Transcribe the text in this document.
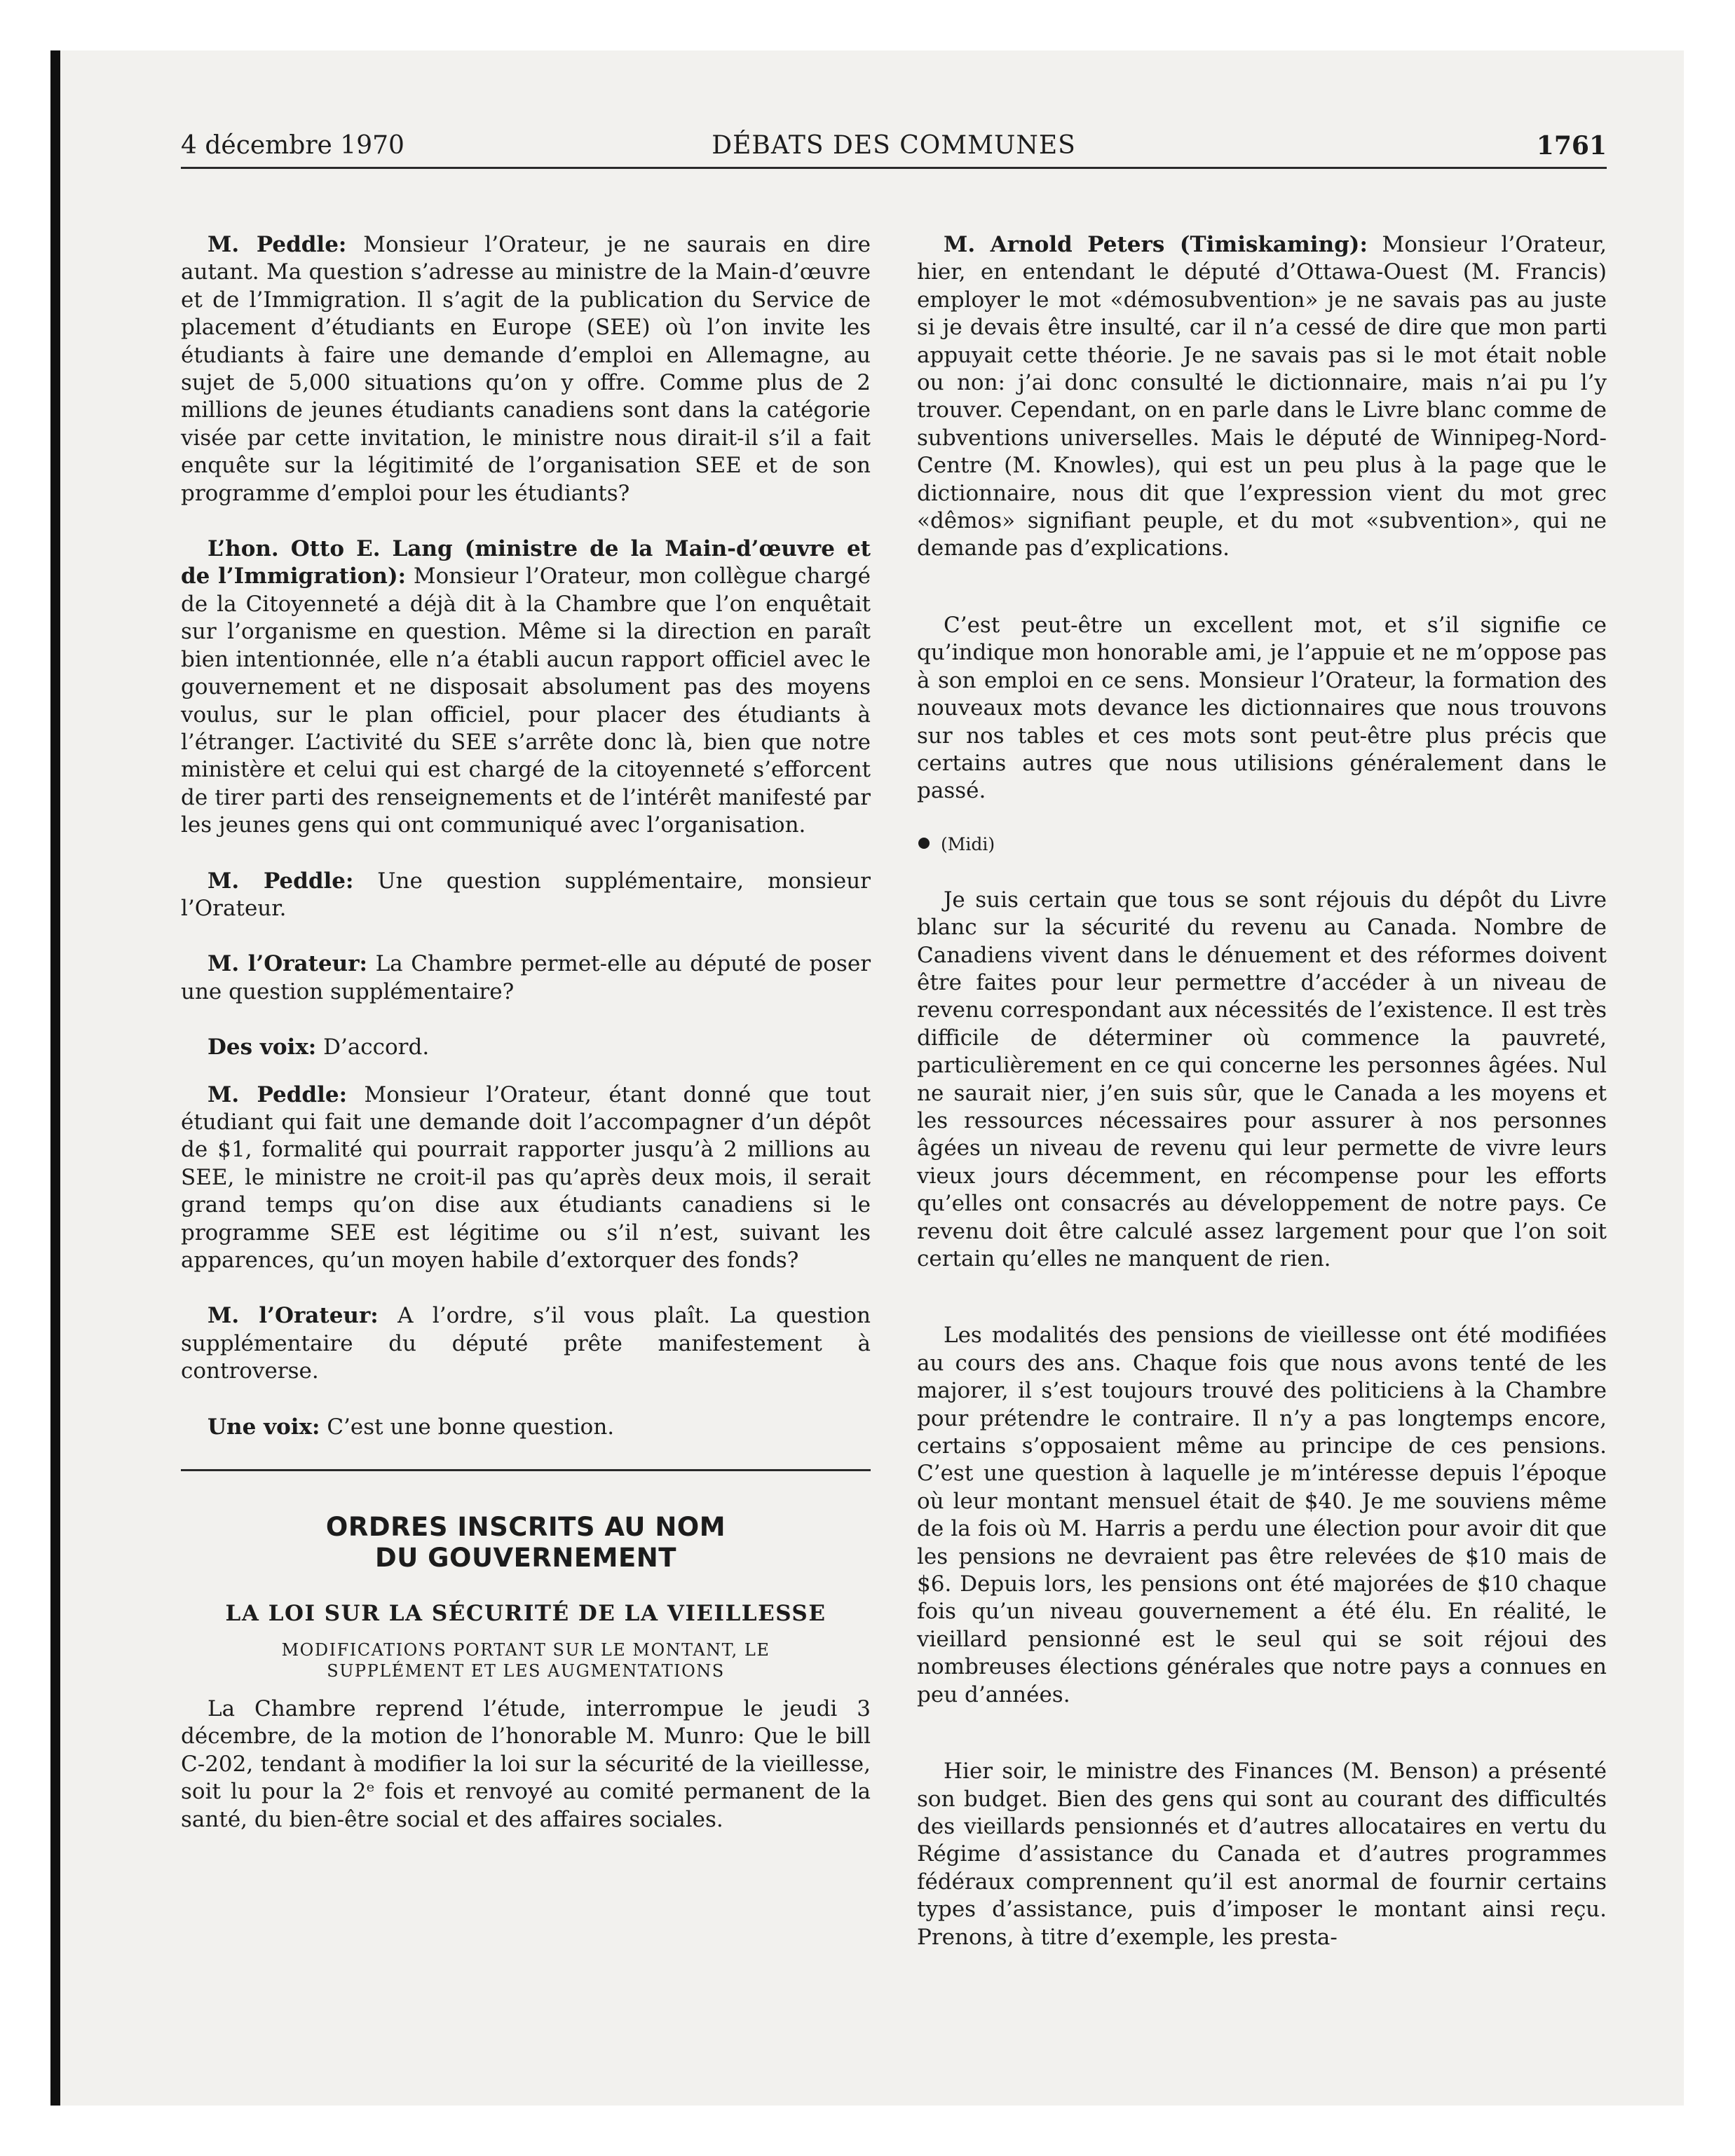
4 décembre 1970	DÉBATS DES COMMUNES	1761

M. Peddle: Monsieur l’Orateur, je ne saurais en dire autant. Ma question s’adresse au ministre de la Main-d’œuvre et de l’Immigration. Il s’agit de la publication du Service de placement d’étudiants en Europe (SEE) où l’on invite les étudiants à faire une demande d’emploi en Allemagne, au sujet de 5,000 situations qu’on y offre. Comme plus de 2 millions de jeunes étudiants canadiens sont dans la catégorie visée par cette invitation, le ministre nous dirait-il s’il a fait enquête sur la légitimité de l’organisation SEE et de son programme d’emploi pour les étudiants?

L’hon. Otto E. Lang (ministre de la Main-d’œuvre et de l’Immigration): Monsieur l’Orateur, mon collègue chargé de la Citoyenneté a déjà dit à la Chambre que l’on enquêtait sur l’organisme en question. Même si la direction en paraît bien intentionnée, elle n’a établi aucun rapport officiel avec le gouvernement et ne disposait absolument pas des moyens voulus, sur le plan officiel, pour placer des étudiants à l’étranger. L’activité du SEE s’arrête donc là, bien que notre ministère et celui qui est chargé de la citoyenneté s’efforcent de tirer parti des renseignements et de l’intérêt manifesté par les jeunes gens qui ont communiqué avec l’organisation.

M. Peddle: Une question supplémentaire, monsieur l’Orateur.

M. l’Orateur: La Chambre permet-elle au député de poser une question supplémentaire?

Des voix: D’accord.

M. Peddle: Monsieur l’Orateur, étant donné que tout étudiant qui fait une demande doit l’accompagner d’un dépôt de $1, formalité qui pourrait rapporter jusqu’à 2 millions au SEE, le ministre ne croit-il pas qu’après deux mois, il serait grand temps qu’on dise aux étudiants canadiens si le programme SEE est légitime ou s’il n’est, suivant les apparences, qu’un moyen habile d’extorquer des fonds?

M. l’Orateur: A l’ordre, s’il vous plaît. La question supplémentaire du député prête manifestement à controverse.

Une voix: C’est une bonne question.

ORDRES INSCRITS AU NOM
DU GOUVERNEMENT
LA LOI SUR LA SÉCURITÉ DE LA VIEILLESSE
MODIFICATIONS PORTANT SUR LE MONTANT, LE
SUPPLÉMENT ET LES AUGMENTATIONS

La Chambre reprend l’étude, interrompue le jeudi 3 décembre, de la motion de l’honorable M. Munro: Que le bill C-202, tendant à modifier la loi sur la sécurité de la vieillesse, soit lu pour la 2ᵉ fois et renvoyé au comité permanent de la santé, du bien-être social et des affaires sociales.

M. Arnold Peters (Timiskaming): Monsieur l’Orateur, hier, en entendant le député d’Ottawa-Ouest (M. Francis) employer le mot «démosubvention» je ne savais pas au juste si je devais être insulté, car il n’a cessé de dire que mon parti appuyait cette théorie. Je ne savais pas si le mot était noble ou non: j’ai donc consulté le dictionnaire, mais n’ai pu l’y trouver. Cependant, on en parle dans le Livre blanc comme de subventions universelles. Mais le député de Winnipeg-Nord-Centre (M. Knowles), qui est un peu plus à la page que le dictionnaire, nous dit que l’expression vient du mot grec «dêmos» signifiant peuple, et du mot «subvention», qui ne demande pas d’explications.

C’est peut-être un excellent mot, et s’il signifie ce qu’indique mon honorable ami, je l’appuie et ne m’oppose pas à son emploi en ce sens. Monsieur l’Orateur, la formation des nouveaux mots devance les dictionnaires que nous trouvons sur nos tables et ces mots sont peut-être plus précis que certains autres que nous utilisions généralement dans le passé.

(Midi)

Je suis certain que tous se sont réjouis du dépôt du Livre blanc sur la sécurité du revenu au Canada. Nombre de Canadiens vivent dans le dénuement et des réformes doivent être faites pour leur permettre d’accéder à un niveau de revenu correspondant aux nécessités de l’existence. Il est très difficile de déterminer où commence la pauvreté, particulièrement en ce qui concerne les personnes âgées. Nul ne saurait nier, j’en suis sûr, que le Canada a les moyens et les ressources nécessaires pour assurer à nos personnes âgées un niveau de revenu qui leur permette de vivre leurs vieux jours décemment, en récompense pour les efforts qu’elles ont consacrés au développement de notre pays. Ce revenu doit être calculé assez largement pour que l’on soit certain qu’elles ne manquent de rien.

Les modalités des pensions de vieillesse ont été modifiées au cours des ans. Chaque fois que nous avons tenté de les majorer, il s’est toujours trouvé des politiciens à la Chambre pour prétendre le contraire. Il n’y a pas longtemps encore, certains s’opposaient même au principe de ces pensions. C’est une question à laquelle je m’intéresse depuis l’époque où leur montant mensuel était de $40. Je me souviens même de la fois où M. Harris a perdu une élection pour avoir dit que les pensions ne devraient pas être relevées de $10 mais de $6. Depuis lors, les pensions ont été majorées de $10 chaque fois qu’un niveau gouvernement a été élu. En réalité, le vieillard pensionné est le seul qui se soit réjoui des nombreuses élections générales que notre pays a connues en peu d’années.

Hier soir, le ministre des Finances (M. Benson) a présenté son budget. Bien des gens qui sont au courant des difficultés des vieillards pensionnés et d’autres allocataires en vertu du Régime d’assistance du Canada et d’autres programmes fédéraux comprennent qu’il est anormal de fournir certains types d’assistance, puis d’imposer le montant ainsi reçu. Prenons, à titre d’exemple, les presta-
